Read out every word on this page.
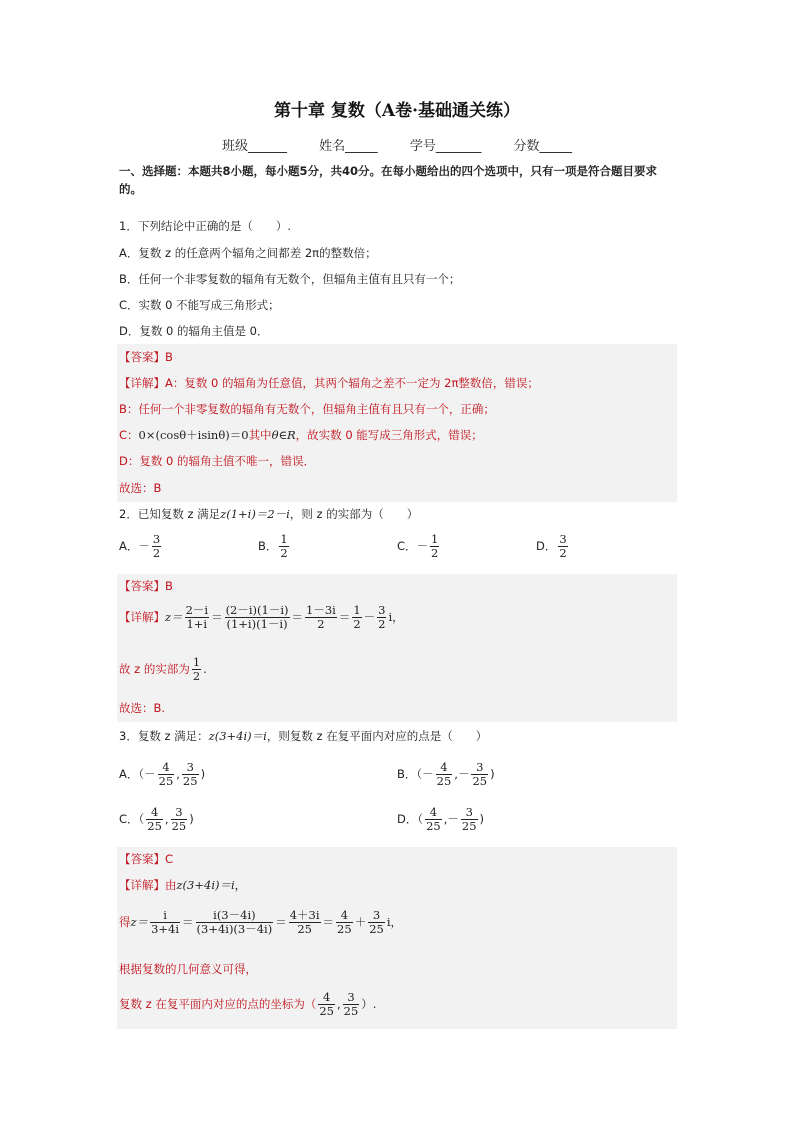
第十章 复数（A卷·基础通关练）
班级______ 姓名_____ 学号_______ 分数_____
一、选择题：本题共8小题，每小题5分，共40分。在每小题给出的四个选项中，只有一项是符合题目要求的。
1．下列结论中正确的是（　　）.
A．复数 z 的任意两个辐角之间都差 2π的整数倍；
B．任何一个非零复数的辐角有无数个，但辐角主值有且只有一个；
C．实数 0 不能写成三角形式；
D．复数 0 的辐角主值是 0．
【答案】B
【详解】A：复数 0 的辐角为任意值，其两个辐角之差不一定为 2π整数倍，错误；
B：任何一个非零复数的辐角有无数个，但辐角主值有且只有一个，正确；
C：0×(cosθ＋isinθ)＝0其中θ∈R，故实数 0 能写成三角形式，错误；
D：复数 0 的辐角主值不唯一，错误．
故选：B
2．已知复数 z 满足z(1+i)＝2－i，则 z 的实部为（　　）
A．－ $\frac{3}{2}$	B． $\frac{1}{2}$	C．－ $\frac{1}{2}$	D． $\frac{3}{2}$
【答案】B
【详解】$z= \frac{2-i}{1+i} = \frac{(2-i)(1-i)}{(1+i)(1-i)} = \frac{1-3i}{2} = \frac{1}{2} - \frac{3}{2}$ i，
故 z 的实部为 $\frac{1}{2}$ .
故选：B.
3．复数 z 满足：z(3+4i)＝i，则复数 z 在复平面内对应的点是（　　）
A．（－ $\frac{4}{25}$ , $\frac{3}{25}$ )	B．（－ $\frac{4}{25}$ ,－ $\frac{3}{25}$ )
C．（ $\frac{4}{25}$ , $\frac{3}{25}$ )	D．（ $\frac{4}{25}$ ,－ $\frac{3}{25}$ )
【答案】C
【详解】由z(3+4i)＝i，
得$z= \frac{i}{3+4i} = \frac{i(3-4i)}{(3+4i)(3-4i)} = \frac{4+3i}{25} = \frac{4}{25} + \frac{3}{25}$ i，
根据复数的几何意义可得，
复数 z 在复平面内对应的点的坐标为（ $\frac{4}{25}$ , $\frac{3}{25}$ ）.
